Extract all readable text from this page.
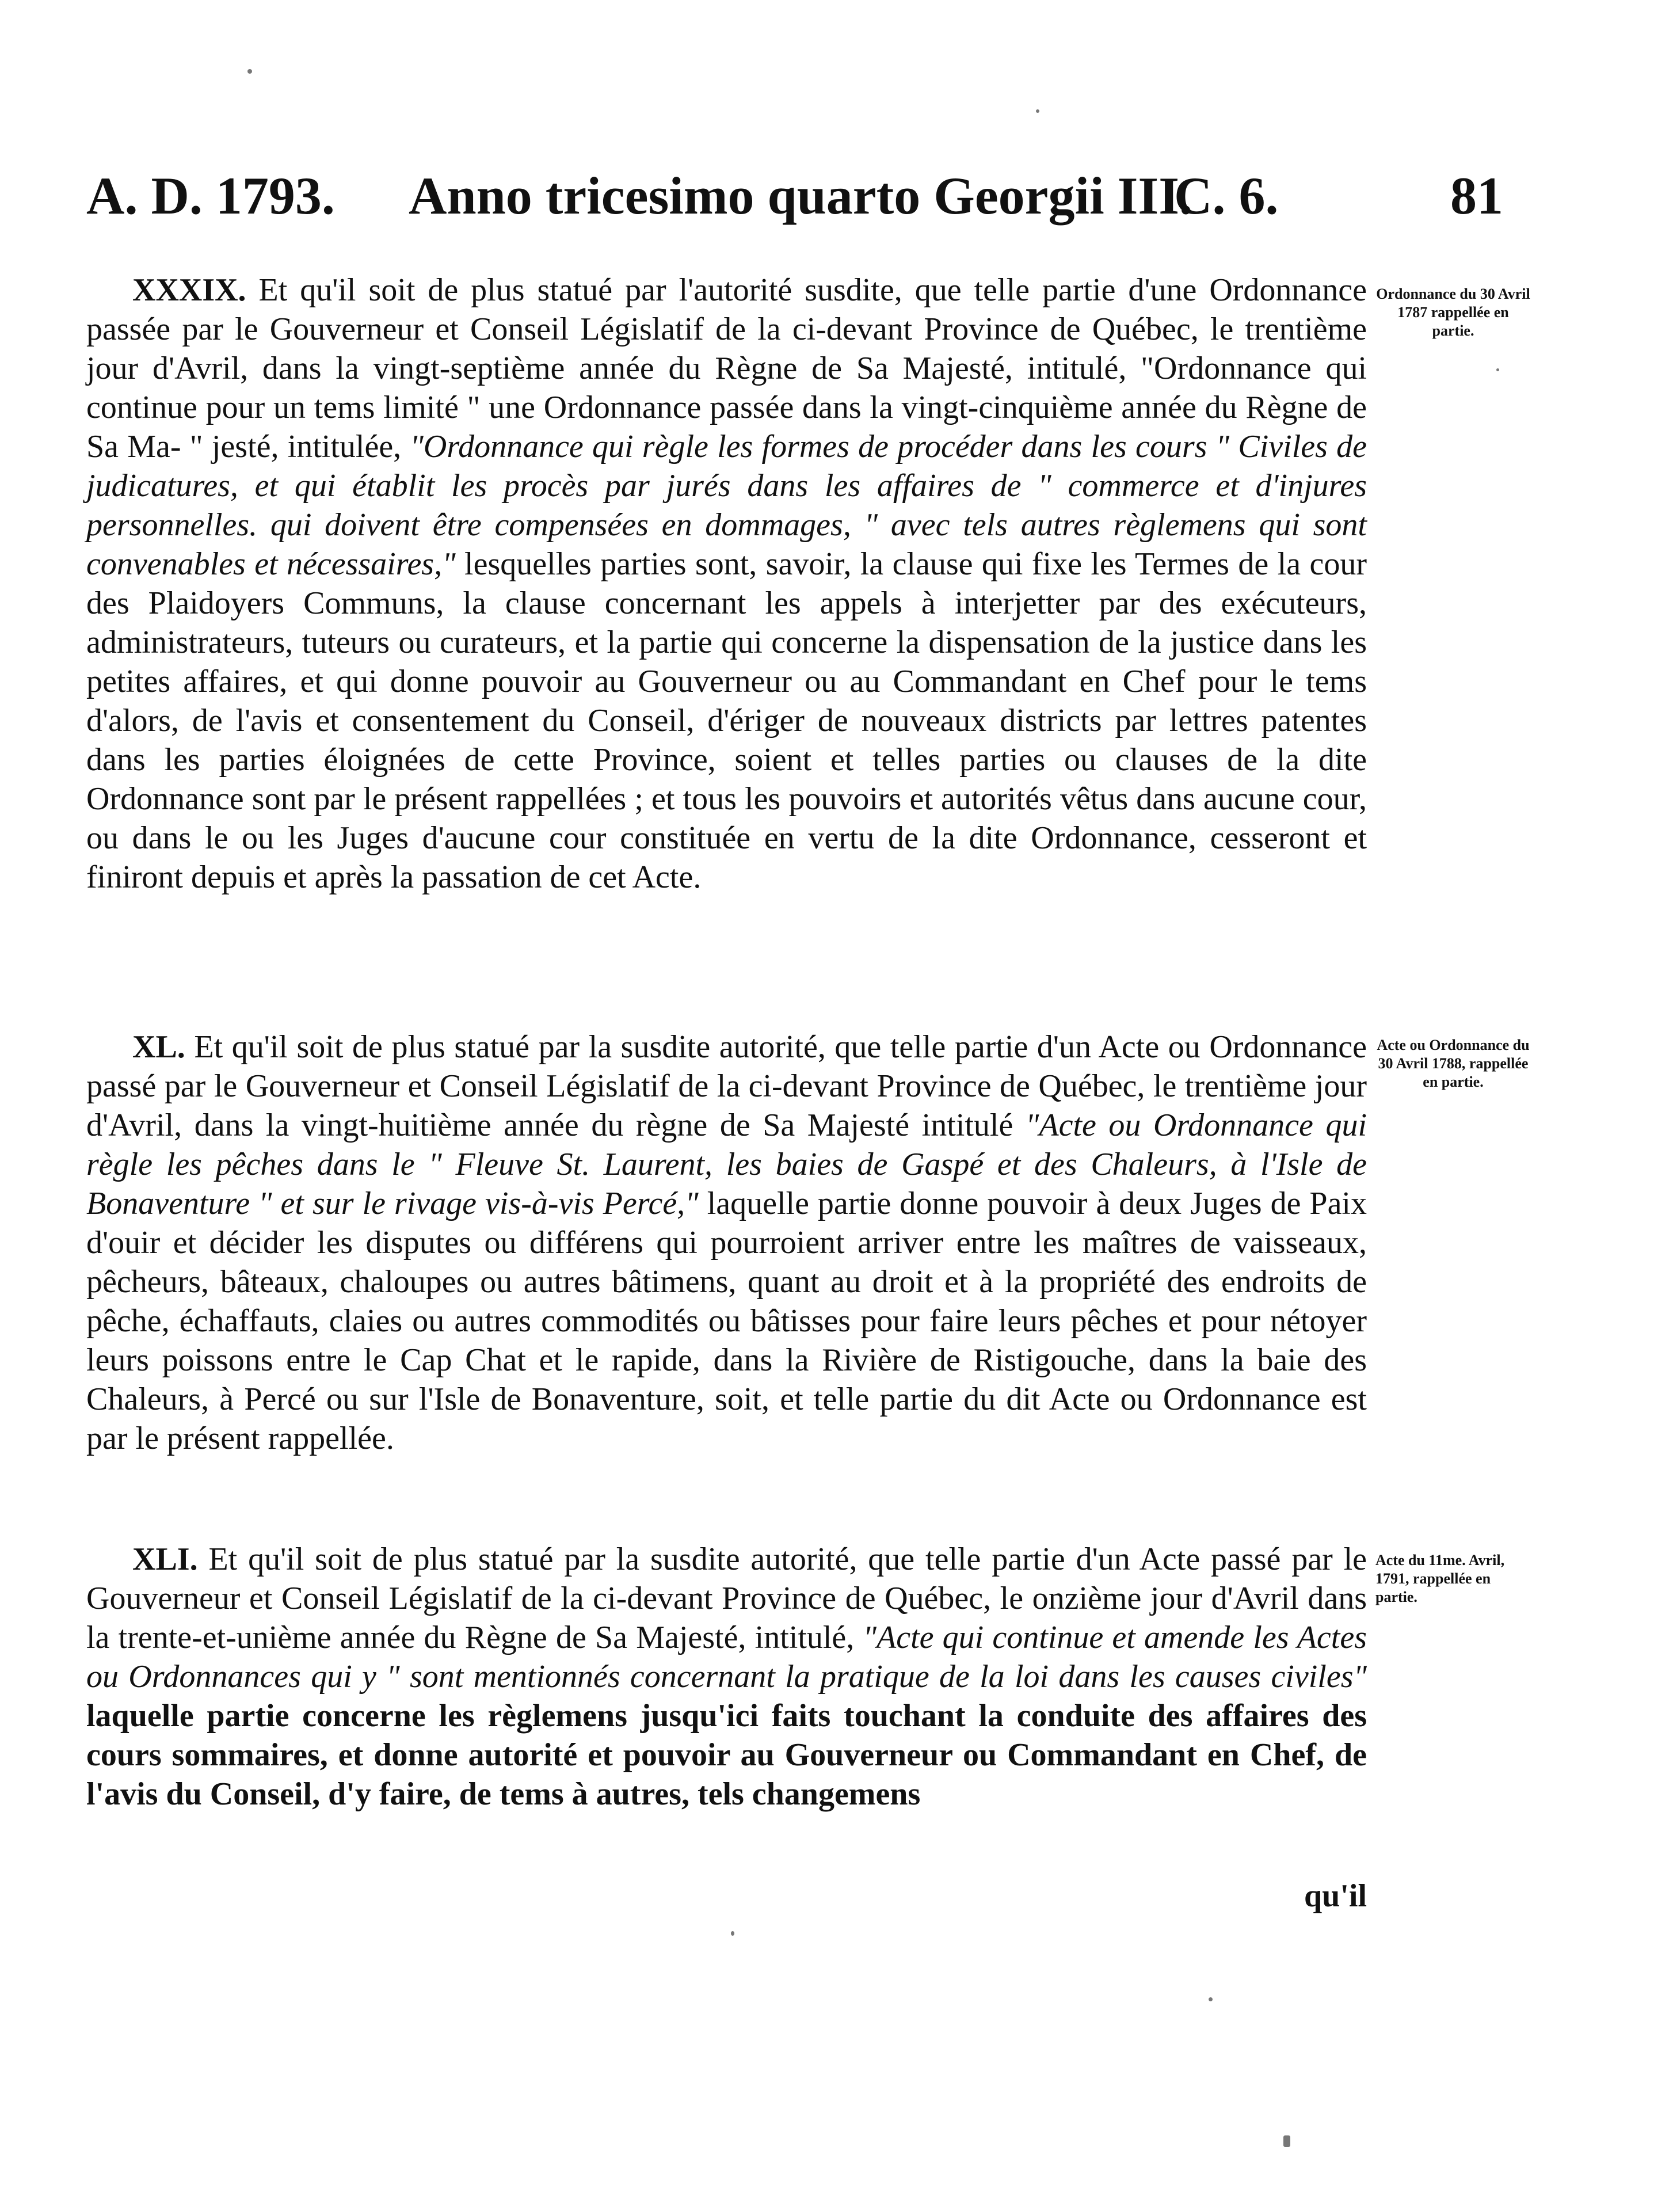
A. D. 1793. Anno tricesimo quarto Georgii III.
C. 6.	81

XXXIX. Et qu'il soit de plus statué par l'autorité susdite, que telle partie d'une Ordonnance passée par le Gouverneur et Conseil Législatif de la ci-devant Province de Québec, le trentième jour d'Avril, dans la vingt-septième année du Règne de Sa Majesté, intitulé, "Ordonnance qui continue pour un tems limité " une Ordonnance passée dans la vingt-cinquième année du Règne de Sa Ma- " jesté, intitulée, "Ordonnance qui règle les formes de procéder dans les cours " Civiles de judicatures, et qui établit les procès par jurés dans les affaires de " commerce et d'injures personnelles. qui doivent être compensées en dommages, " avec tels autres règlemens qui sont convenables et nécessaires," lesquelles parties sont, savoir, la clause qui fixe les Termes de la cour des Plaidoyers Communs, la clause concernant les appels à interjetter par des exécuteurs, administrateurs, tuteurs ou curateurs, et la partie qui concerne la dispensation de la justice dans les petites affaires, et qui donne pouvoir au Gouverneur ou au Commandant en Chef pour le tems d'alors, de l'avis et consentement du Conseil, d'ériger de nouveaux districts par lettres patentes dans les parties éloignées de cette Province, soient et telles parties ou clauses de la dite Ordonnance sont par le présent rappellées ; et tous les pouvoirs et autorités vêtus dans aucune cour, ou dans le ou les Juges d'aucune cour constituée en vertu de la dite Ordonnance, cesseront et finiront depuis et après la passation de cet Acte.

Ordonnance du 30 Avril 1787 rappellée en partie.

XL. Et qu'il soit de plus statué par la susdite autorité, que telle partie d'un Acte ou Ordonnance passé par le Gouverneur et Conseil Législatif de la ci-devant Province de Québec, le trentième jour d'Avril, dans la vingt-huitième année du règne de Sa Majesté intitulé "Acte ou Ordonnance qui règle les pêches dans le " Fleuve St. Laurent, les baies de Gaspé et des Chaleurs, à l'Isle de Bonaventure " et sur le rivage vis-à-vis Percé," laquelle partie donne pouvoir à deux Juges de Paix d'ouir et décider les disputes ou différens qui pourroient arriver entre les maîtres de vaisseaux, pêcheurs, bâteaux, chaloupes ou autres bâtimens, quant au droit et à la propriété des endroits de pêche, échaffauts, claies ou autres commodités ou bâtisses pour faire leurs pêches et pour nétoyer leurs poissons entre le Cap Chat et le rapide, dans la Rivière de Ristigouche, dans la baie des Chaleurs, à Percé ou sur l'Isle de Bonaventure, soit, et telle partie du dit Acte ou Ordonnance est par le présent rappellée.

Acte ou Ordonnance du 30 Avril 1788, rappellée en partie.

XLI. Et qu'il soit de plus statué par la susdite autorité, que telle partie d'un Acte passé par le Gouverneur et Conseil Législatif de la ci-devant Province de Québec, le onzième jour d'Avril dans la trente-et-unième année du Règne de Sa Majesté, intitulé, "Acte qui continue et amende les Actes ou Ordonnances qui y " sont mentionnés concernant la pratique de la loi dans les causes civiles" laquelle partie concerne les règlemens jusqu'ici faits touchant la conduite des affaires des cours sommaires, et donne autorité et pouvoir au Gouverneur ou Commandant en Chef, de l'avis du Conseil, d'y faire, de tems à autres, tels changemens

Acte du 11me. Avril, 1791, rappellée en partie.
qu'il
